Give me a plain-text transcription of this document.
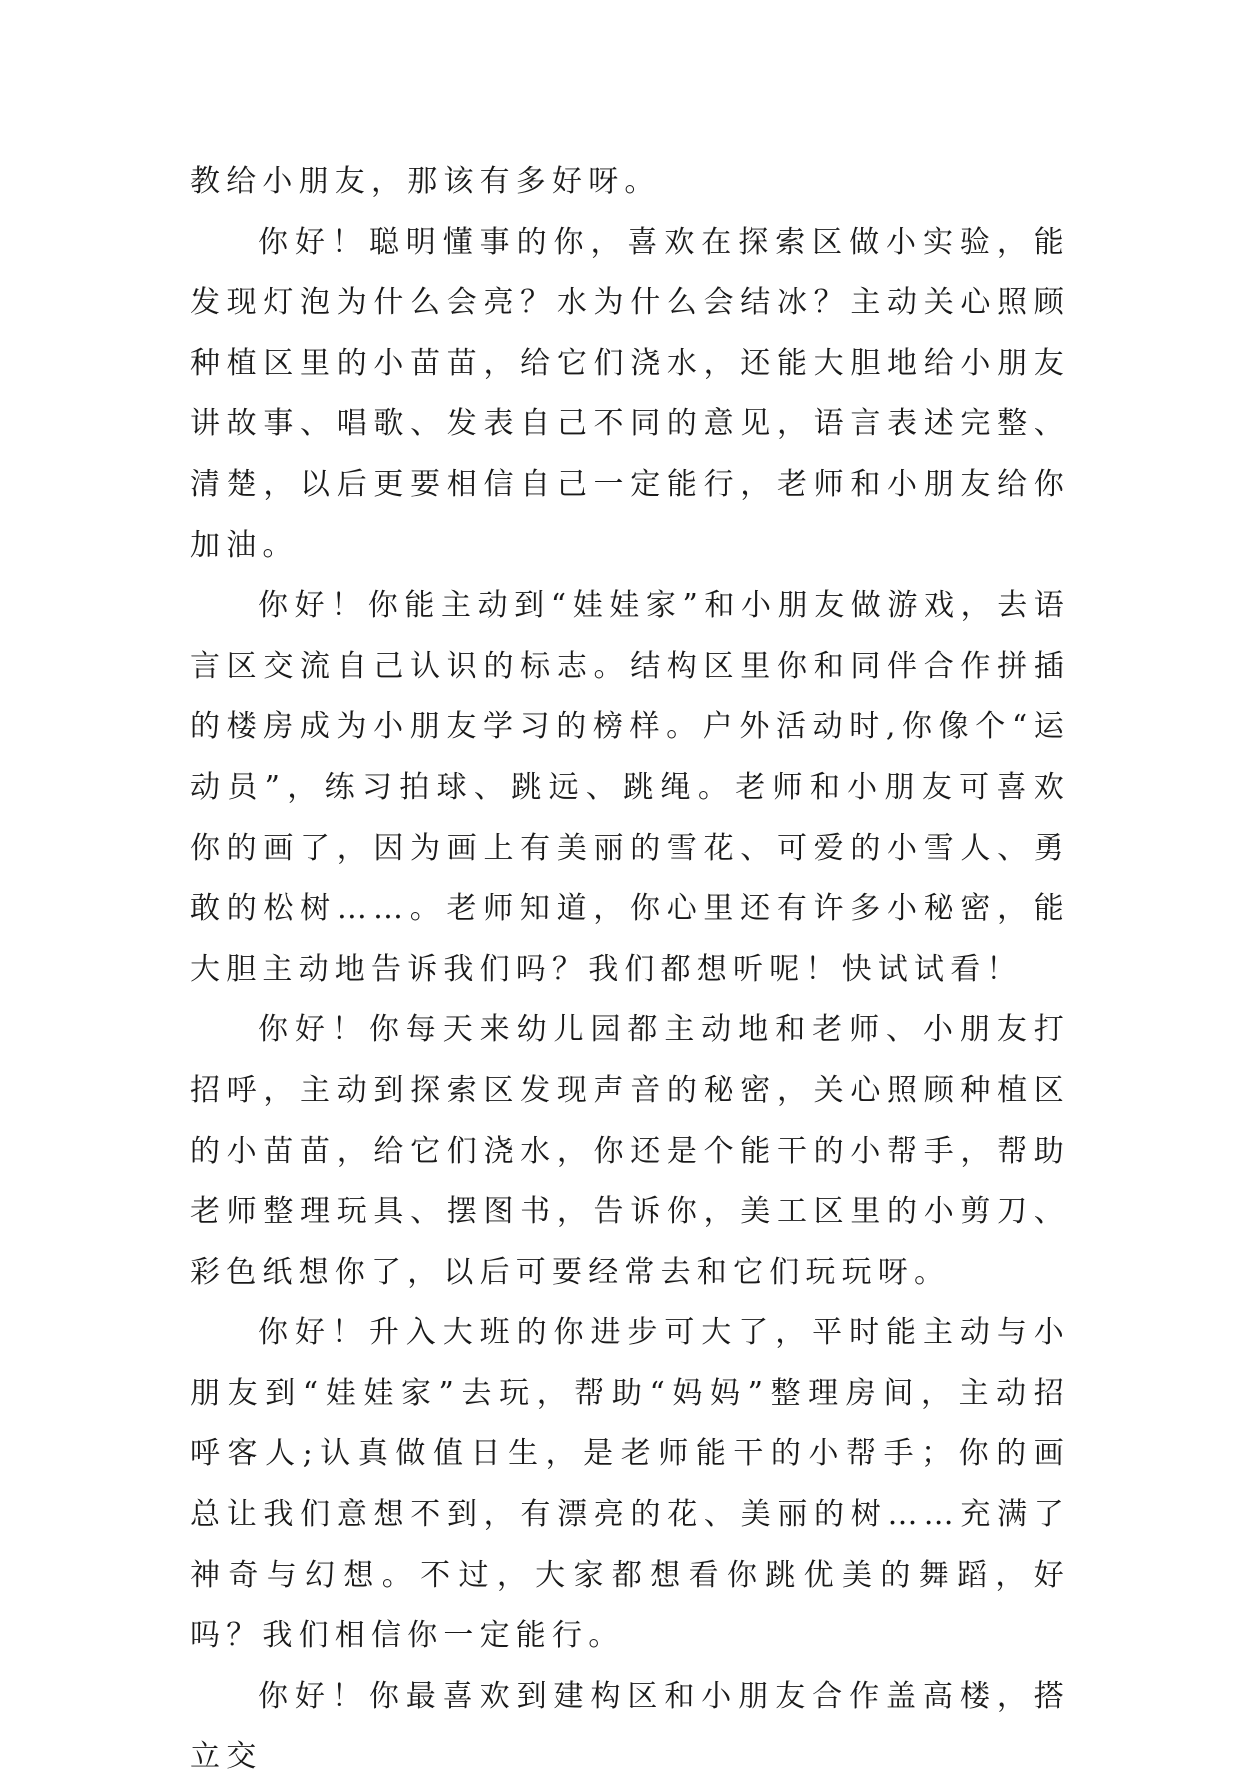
教给小朋友，那该有多好呀。

你好！聪明懂事的你，喜欢在探索区做小实验，能发现灯泡为什么会亮？水为什么会结冰？主动关心照顾种植区里的小苗苗，给它们浇水，还能大胆地给小朋友讲故事、唱歌、发表自己不同的意见，语言表述完整、清楚，以后更要相信自己一定能行，老师和小朋友给你加油。

你好！你能主动到“娃娃家”和小朋友做游戏，去语言区交流自己认识的标志。结构区里你和同伴合作拼插的楼房成为小朋友学习的榜样。户外活动时,你像个“运动员”，练习拍球、跳远、跳绳。老师和小朋友可喜欢你的画了，因为画上有美丽的雪花、可爱的小雪人、勇敢的松树……。老师知道，你心里还有许多小秘密，能大胆主动地告诉我们吗？我们都想听呢！快试试看！

你好！你每天来幼儿园都主动地和老师、小朋友打招呼，主动到探索区发现声音的秘密，关心照顾种植区的小苗苗，给它们浇水，你还是个能干的小帮手，帮助老师整理玩具、摆图书，告诉你，美工区里的小剪刀、彩色纸想你了，以后可要经常去和它们玩玩呀。

你好！升入大班的你进步可大了，平时能主动与小朋友到“娃娃家”去玩，帮助“妈妈”整理房间，主动招呼客人;认真做值日生，是老师能干的小帮手；你的画总让我们意想不到，有漂亮的花、美丽的树……充满了神奇与幻想。不过，大家都想看你跳优美的舞蹈，好吗？我们相信你一定能行。

你好！你最喜欢到建构区和小朋友合作盖高楼，搭立交
